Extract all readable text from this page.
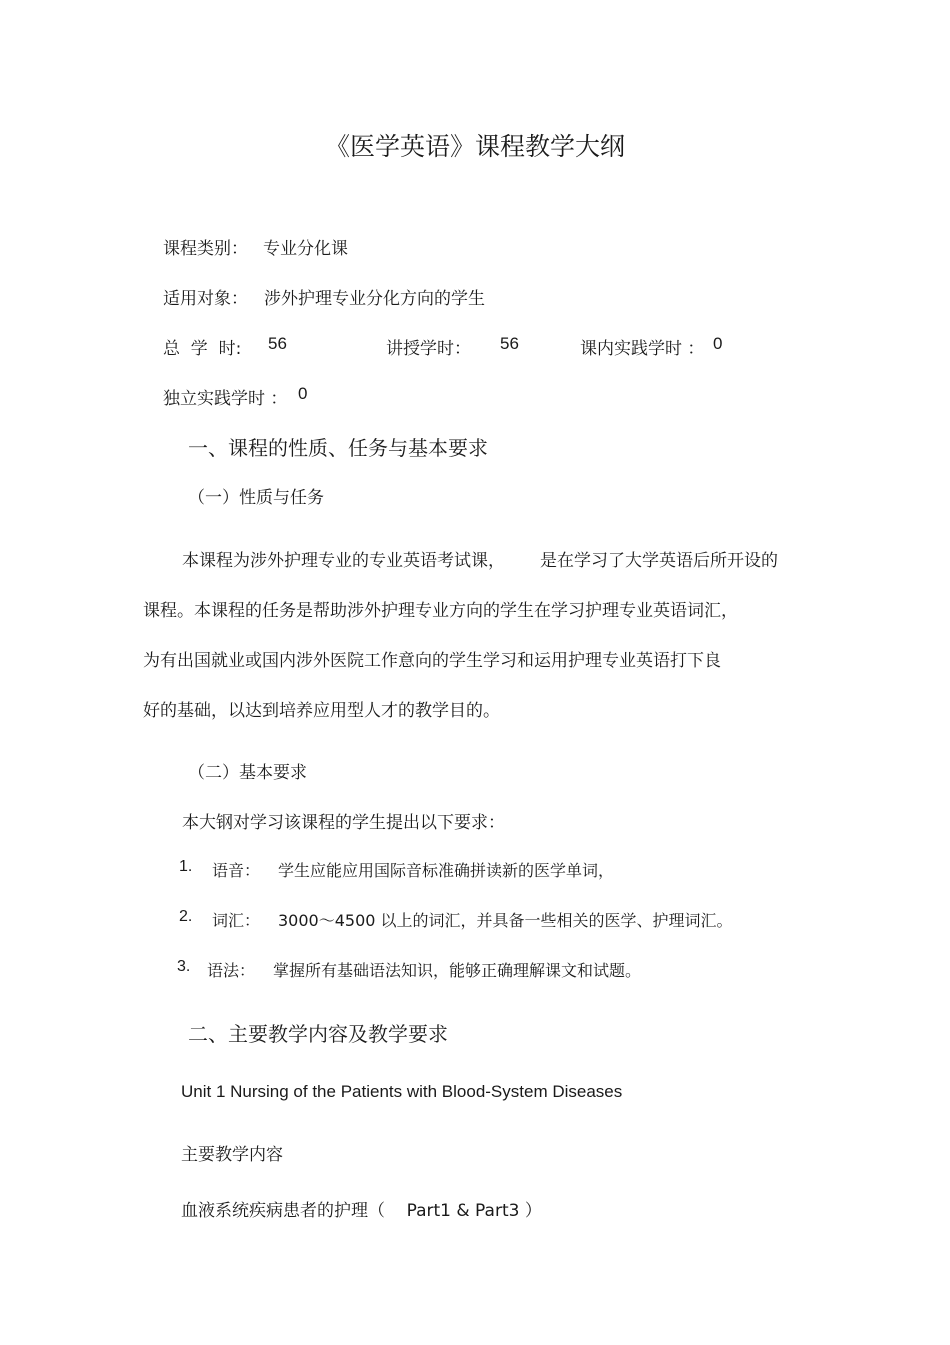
《医学英语》课程教学大纲
课程类别： 专业分化课
适用对象： 涉外护理专业分化方向的学生
总  学  时: 56	讲授学时： 56	课内实践学时 ： 0
独立实践学时 ： 0
一、课程的性质、任务与基本要求
（一）性质与任务
本课程为涉外护理专业的专业英语考试课， 是在学习了大学英语后所开设的
课程。本课程的任务是帮助涉外护理专业方向的学生在学习护理专业英语词汇，
为有出国就业或国内涉外医院工作意向的学生学习和运用护理专业英语打下良
好的基础，以达到培养应用型人才的教学目的。
（二）基本要求
本大钢对学习该课程的学生提出以下要求：
1. 语音： 学生应能应用国际音标准确拼读新的医学单词，
2. 词汇： 3000～4500 以上的词汇，并具备一些相关的医学、护理词汇。
3. 语法： 掌握所有基础语法知识，能够正确理解课文和试题。
二、主要教学内容及教学要求
Unit 1 Nursing of the Patients with Blood-System Diseases
主要教学内容
血液系统疾病患者的护理（    Part1 & Part3 ）
